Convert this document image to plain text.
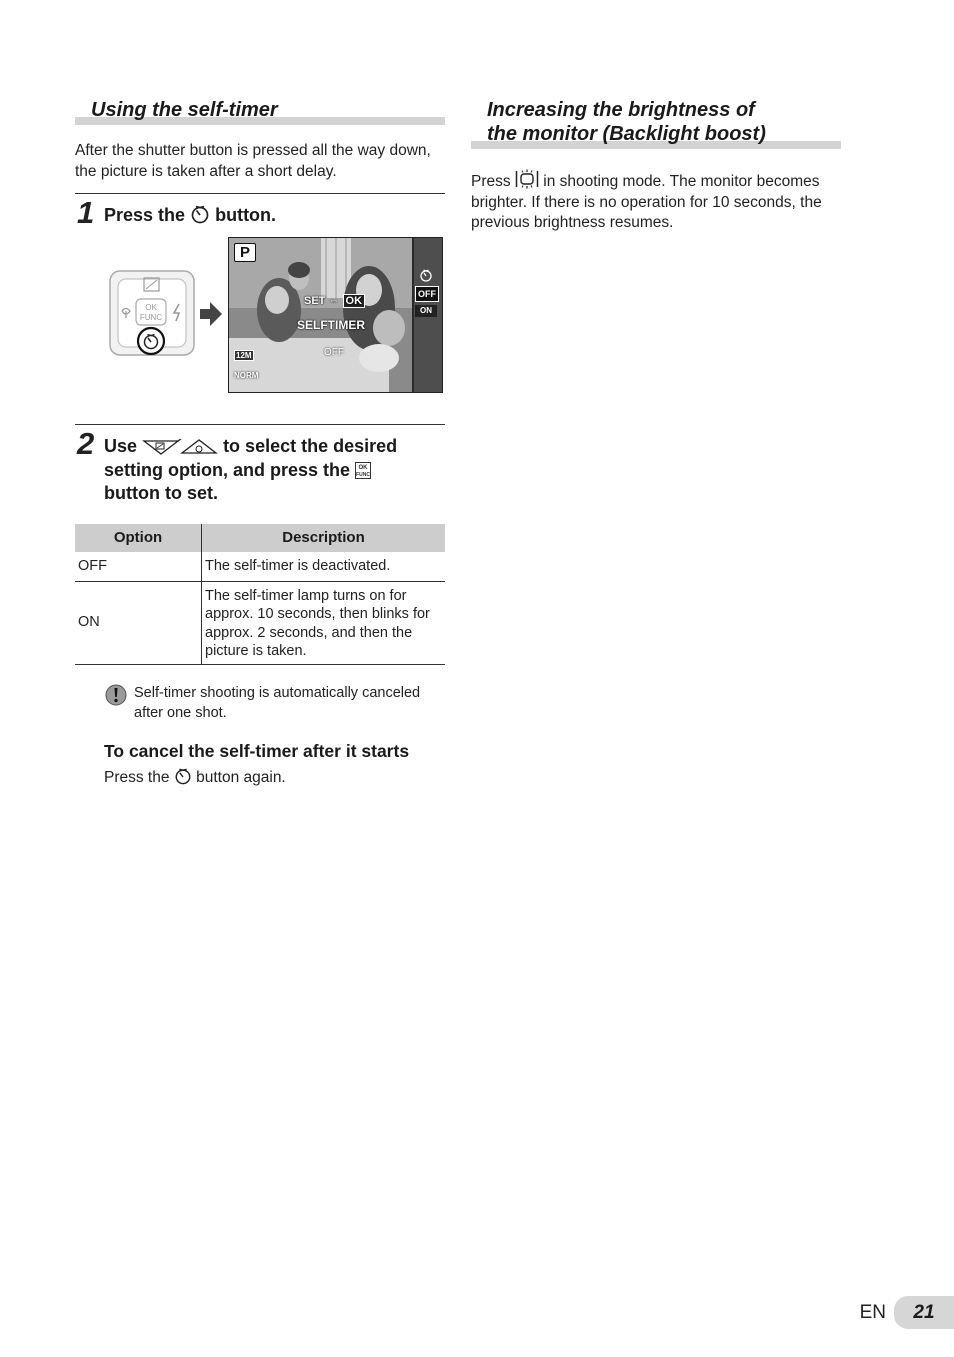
Using the self-timer

After the shutter button is pressed all the way down, the picture is taken after a short delay.

1 Press the button.
OK
FUNC
P
SET ⇔ OK
SELFTIMER
OFF
12M
NORM
OFF
ON
2 Use	to select the desired
setting option, and press the OK
FUNC

button to set.
Option	Description
OFF	The self-timer is deactivated.
ON	The self-timer lamp turns on for approx. 10 seconds, then blinks for approx. 2 seconds, and then the picture is taken.
Self-timer shooting is automatically canceled after one shot.
To cancel the self-timer after it starts
Press the button again.
Increasing the brightness of
the monitor (Backlight boost)

Press in shooting mode. The monitor becomes brighter. If there is no operation for 10 seconds, the previous brightness resumes.

EN	21
